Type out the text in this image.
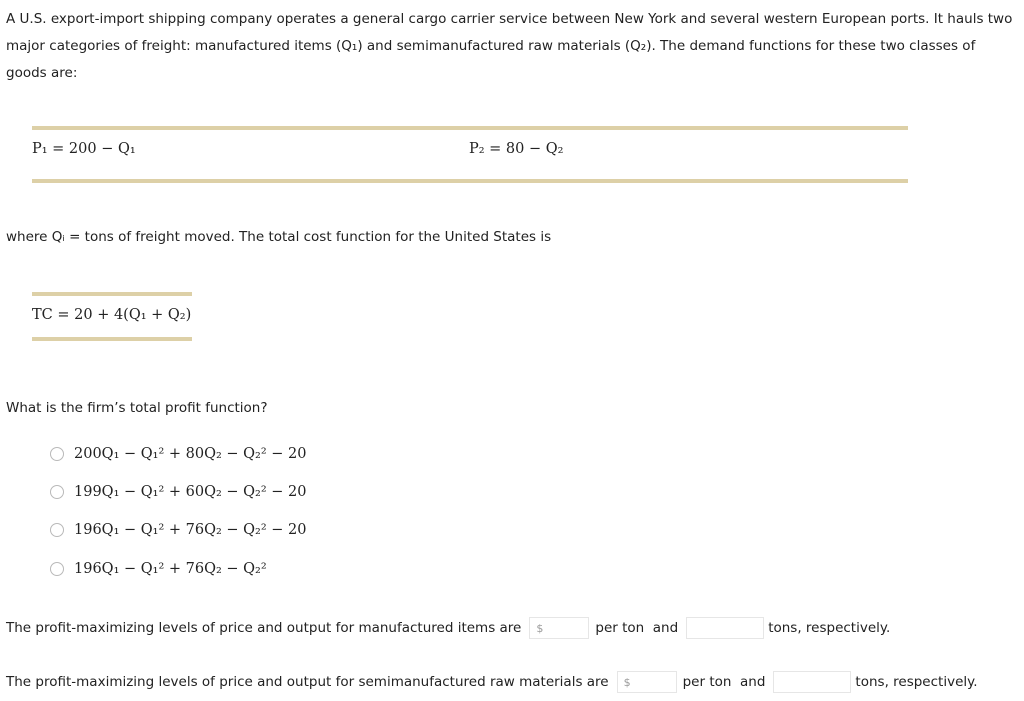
A U.S. export-import shipping company operates a general cargo carrier service between New York and several western European ports. It hauls two major categories of freight: manufactured items (Q₁) and semimanufactured raw materials (Q₂). The demand functions for these two classes of goods are:
P₁ = 200 − Q₁	P₂ = 80 − Q₂
where Qᵢ = tons of freight moved. The total cost function for the United States is
TC = 20 + 4(Q₁ + Q₂)
What is the firm’s total profit function?
200Q₁ − Q₁² + 80Q₂ − Q₂² − 20
199Q₁ − Q₁² + 60Q₂ − Q₂² − 20
196Q₁ − Q₁² + 76Q₂ − Q₂² − 20
196Q₁ − Q₁² + 76Q₂ − Q₂²
The profit-maximizing levels of price and output for manufactured items are $	per ton  and	tons, respectively.
The profit-maximizing levels of price and output for semimanufactured raw materials are $	per ton  and	tons, respectively.
